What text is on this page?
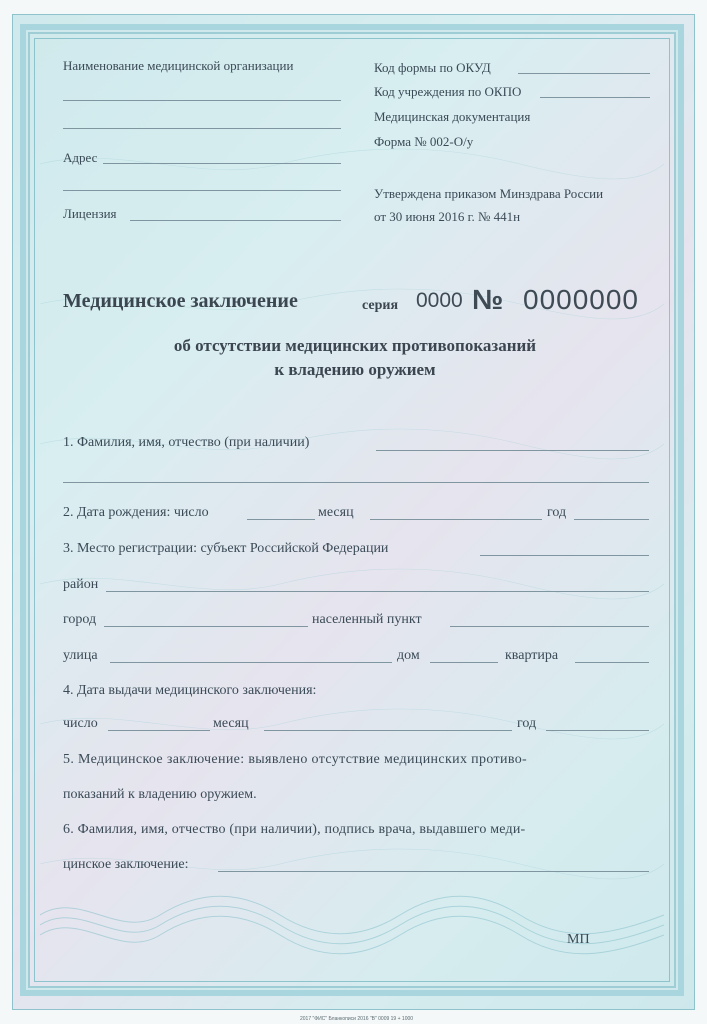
Наименование медицинской организации
Адрес
Лицензия
Код формы по ОКУД
Код учреждения по ОКПО
Медицинская документация
Форма № 002-О/у
Утверждена приказом Минздрава России
от 30 июня 2016 г. № 441н
Медицинское заключение	серия 0000 № 0000000
об отсутствии медицинских противопоказаний
к владению оружием
1. Фамилия, имя, отчество (при наличии)
2. Дата рождения: число	месяц	год
3. Место регистрации: субъект Российской Федерации
район
город	населенный пункт
улица	дом	квартира
4. Дата выдачи медицинского заключения:
число	месяц	год
5. Медицинское заключение: выявлено отсутствие медицинских противо-
показаний к владению оружием.
6. Фамилия, имя, отчество (при наличии), подпись врача, выдавшего меди-
цинское заключение:
МП
2017 "ФИС" Бланкописи 2016 "В" 0009 19 + 1000
